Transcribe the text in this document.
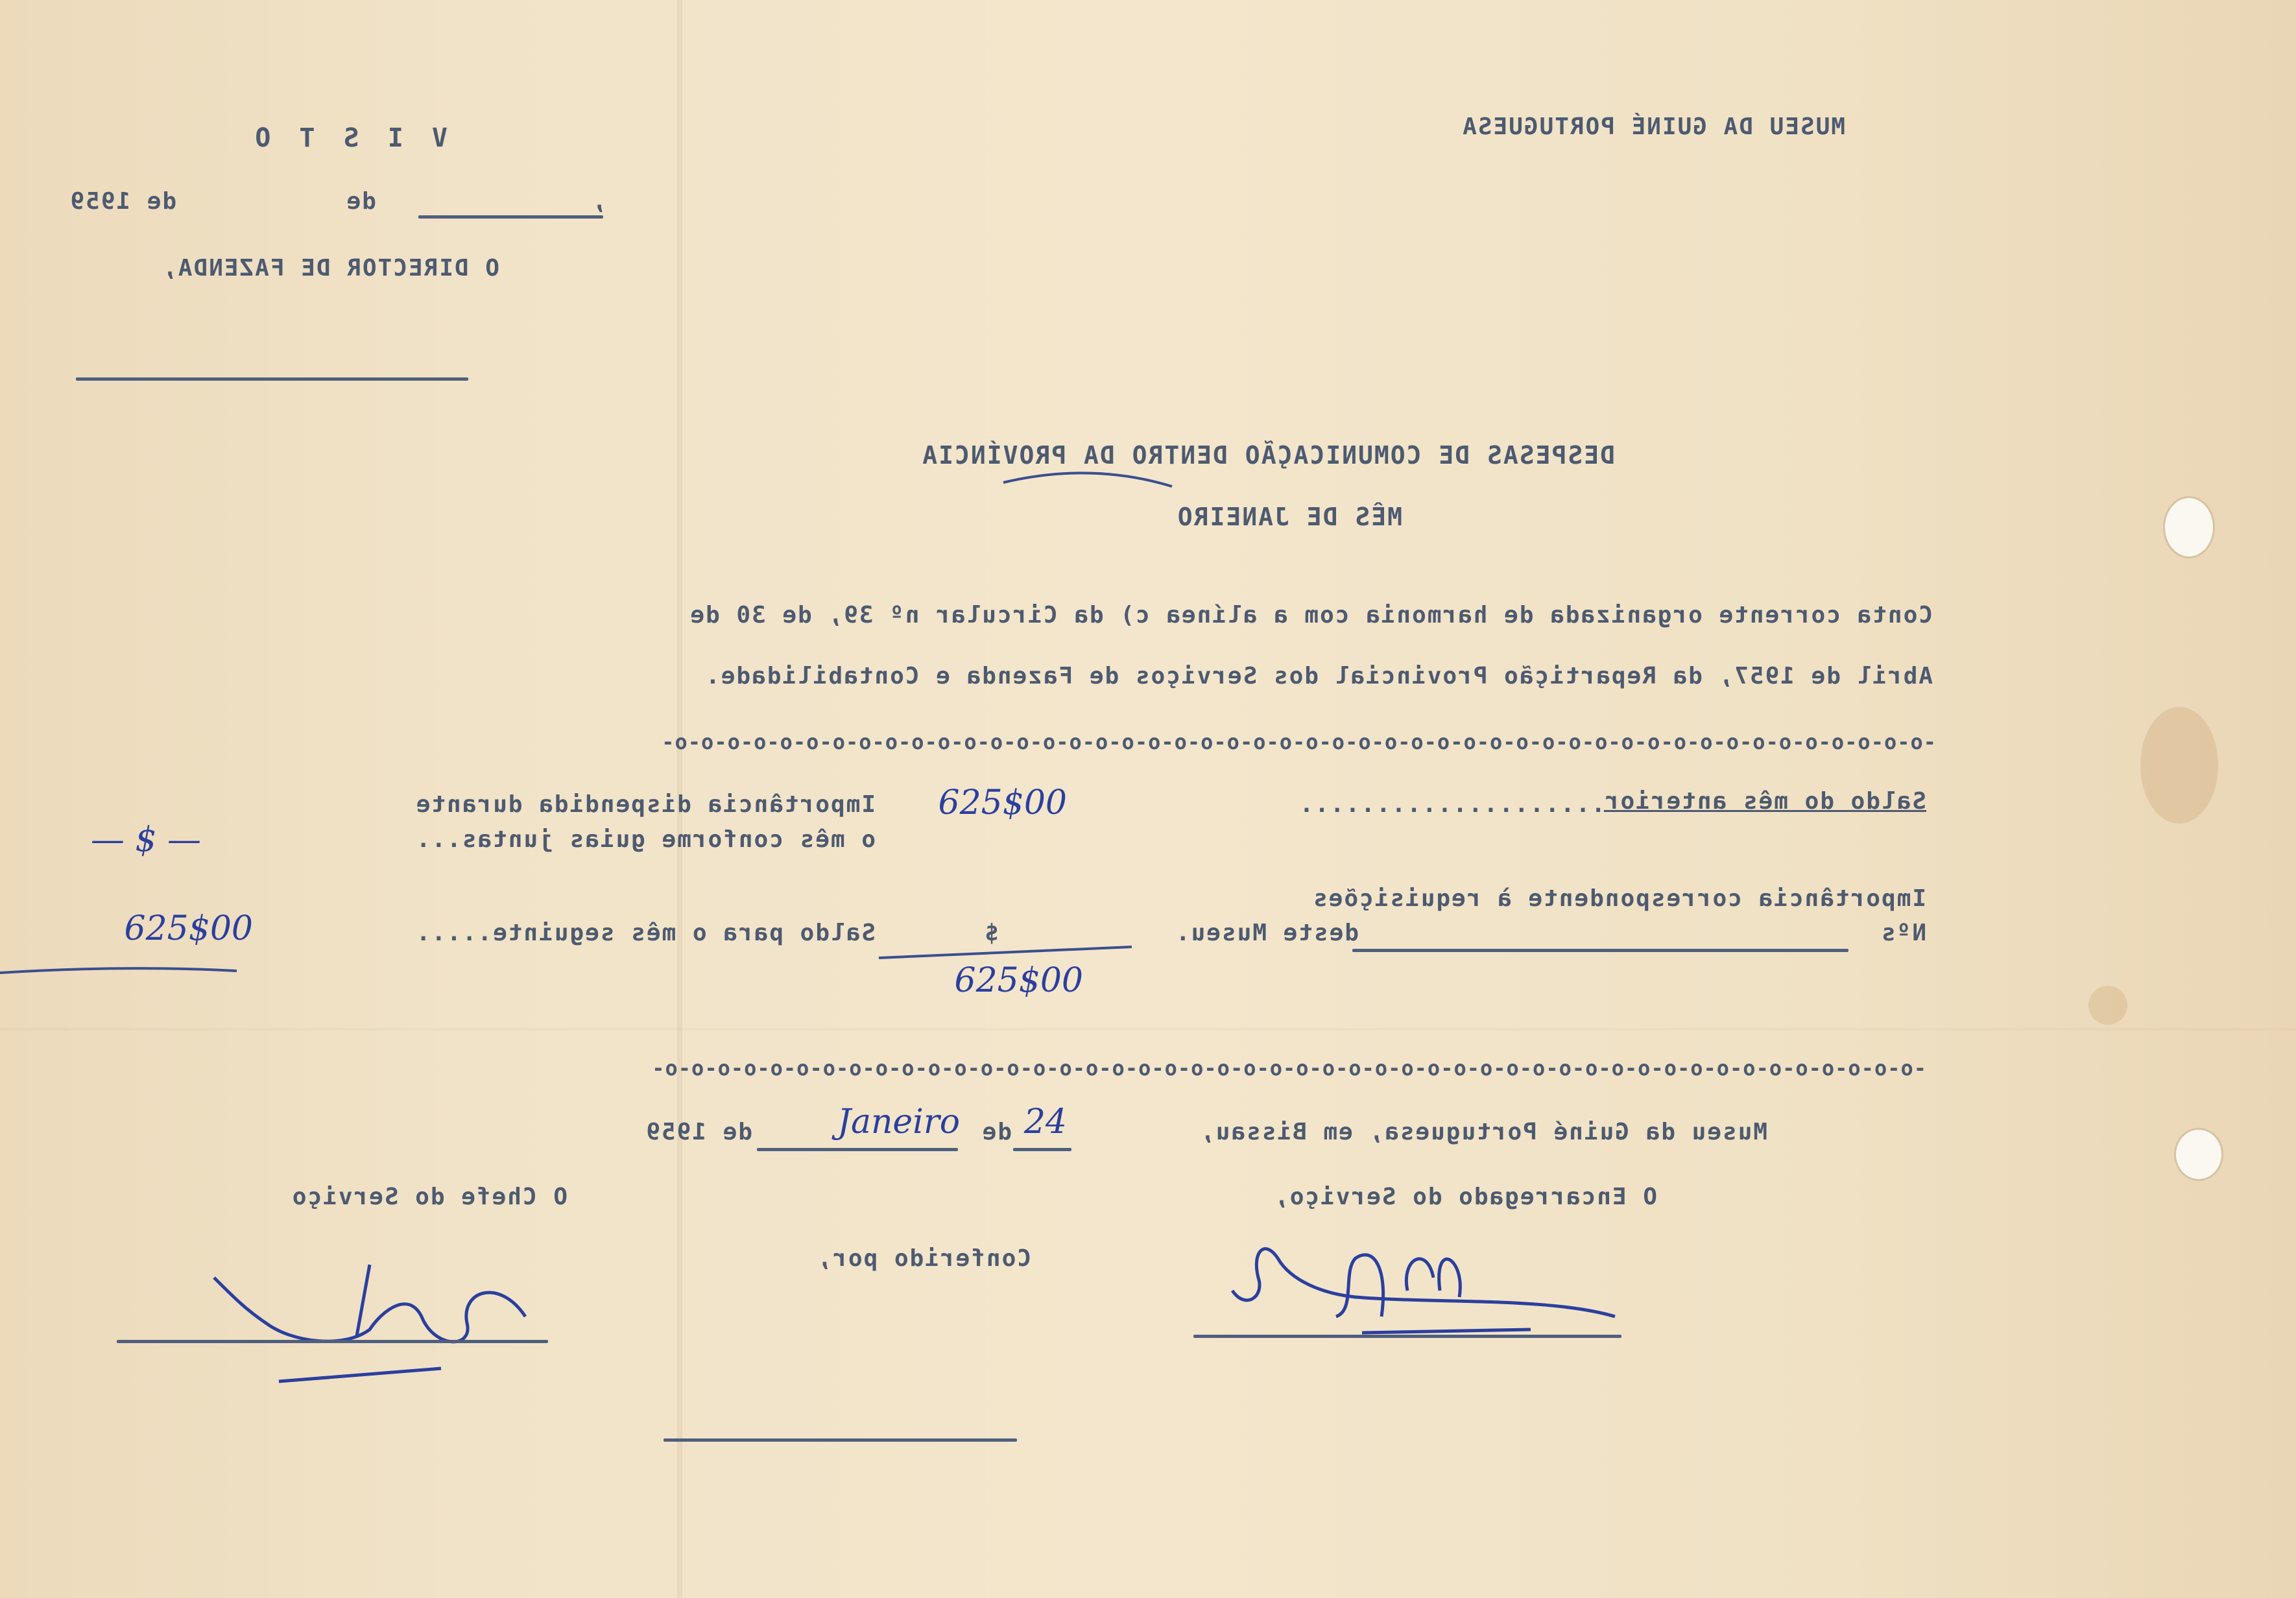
MUSEU DA GUINÉ PORTUGUESA
V I S T O
,              de           de 1959
O DIRECTOR DE FAZENDA,
DESPESAS DE COMUNICAÇÃO DENTRO DA PROVÍNCIA
MÊS DE JANEIRO
Conta corrente organizada de harmonia com a alínea c) da Circular nº 39, de 30 de
Abril de 1957, da Repartição Provincial dos Serviços de Fazenda e Contabilidade.
-o-o-o-o-o-o-o-o-o-o-o-o-o-o-o-o-o-o-o-o-o-o-o-o-o-o-o-o-o-o-o-o-o-o-o-o-o-o-o-o-o-o-o-o-o-o-o-o-
Saldo do mês anterior
....................
625$00
Importância dispendida durante
o mês conforme guias juntas...
— $ —
Importância correspondente à requisições
Nºs
deste Museu.
$
625$00
Saldo para o mês seguinte.....
625$00
-o-o-o-o-o-o-o-o-o-o-o-o-o-o-o-o-o-o-o-o-o-o-o-o-o-o-o-o-o-o-o-o-o-o-o-o-o-o-o-o-o-o-o-o-o-o-o-o-
Museu da Guiné Portuguesa, em Bissau,
24
de
Janeiro
de 1959
O Encarregado do Serviço,
O Chefe do Serviço
Conferido por,
